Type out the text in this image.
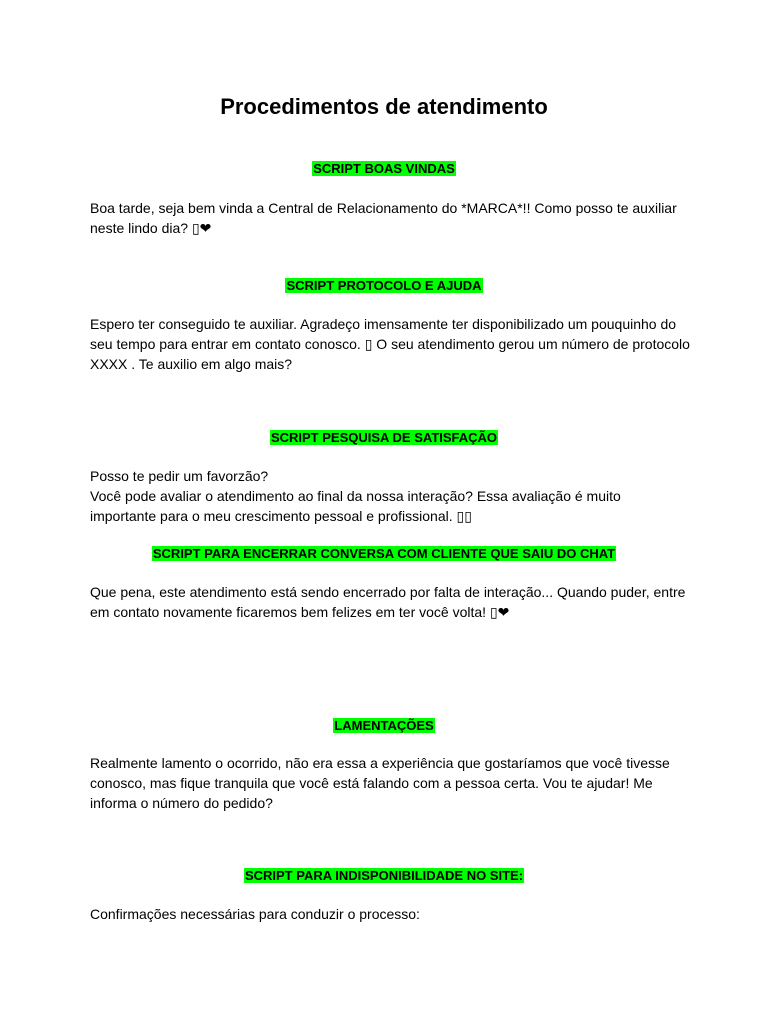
Procedimentos de atendimento
SCRIPT BOAS VINDAS

Boa tarde, seja bem vinda a Central de Relacionamento do *MARCA*!! Como posso te auxiliar neste lindo dia? ▯❤

SCRIPT PROTOCOLO E AJUDA

Espero ter conseguido te auxiliar. Agradeço imensamente ter disponibilizado um pouquinho do seu tempo para entrar em contato conosco. ▯ O seu atendimento gerou um número de protocolo XXXX . Te auxilio em algo mais?

SCRIPT PESQUISA DE SATISFAÇÃO

Posso te pedir um favorzão?

Você pode avaliar o atendimento ao final da nossa interação? Essa avaliação é muito importante para o meu crescimento pessoal e profissional. ▯▯

SCRIPT PARA ENCERRAR CONVERSA COM CLIENTE QUE SAIU DO CHAT

Que pena, este atendimento está sendo encerrado por falta de interação... Quando puder, entre em contato novamente ficaremos bem felizes em ter você volta! ▯❤

LAMENTAÇÕES

Realmente lamento o ocorrido, não era essa a experiência que gostaríamos que você tivesse conosco, mas fique tranquila que você está falando com a pessoa certa. Vou te ajudar! Me informa o número do pedido?

SCRIPT PARA INDISPONIBILIDADE NO SITE:

Confirmações necessárias para conduzir o processo:
